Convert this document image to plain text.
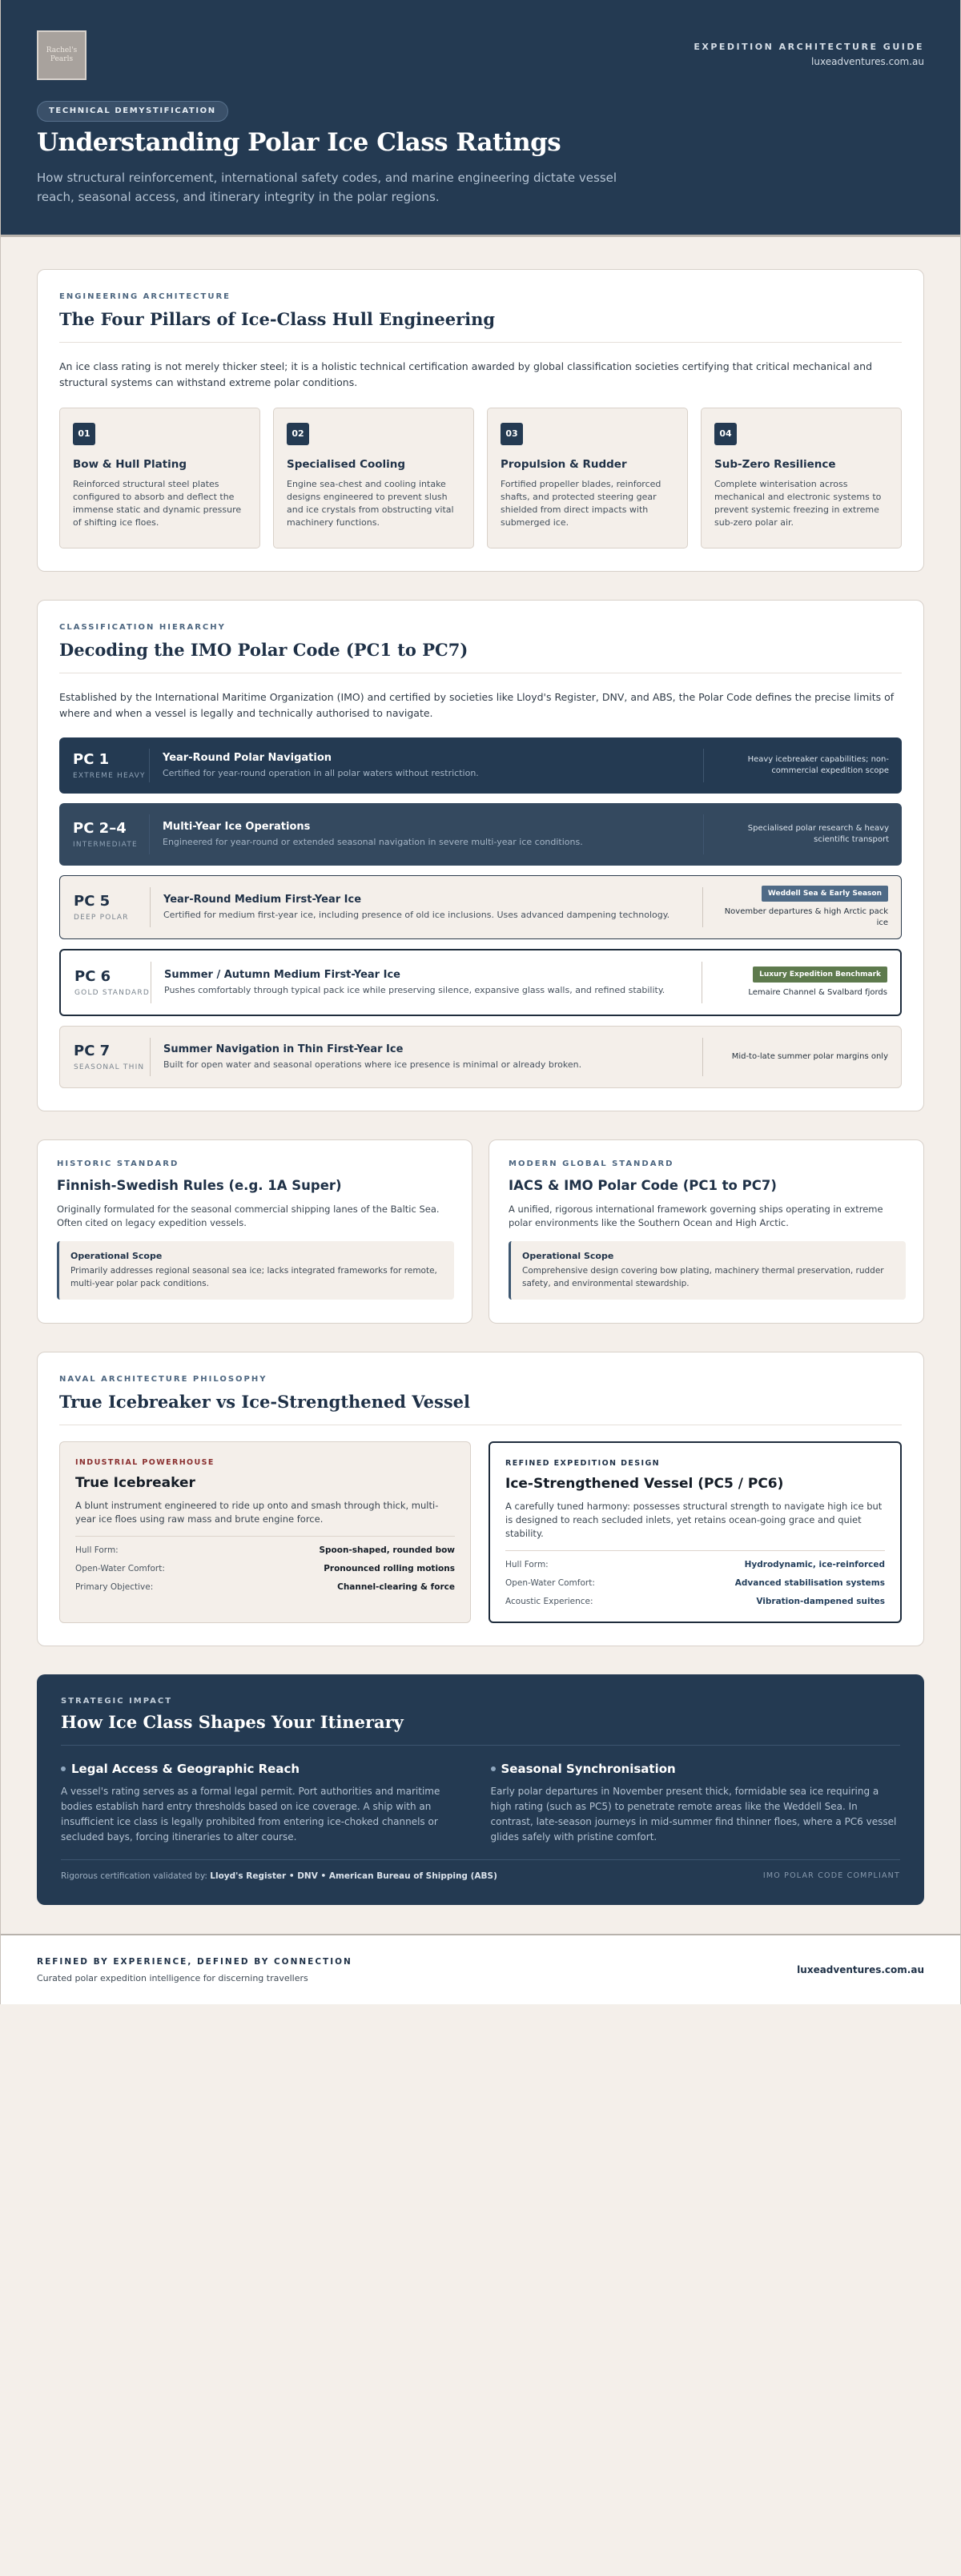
Rachel's Pearls
EXPEDITION ARCHITECTURE GUIDE
luxeadventures.com.au
TECHNICAL DEMYSTIFICATION
Understanding Polar Ice Class Ratings

How structural reinforcement, international safety codes, and marine engineering dictate vessel reach, seasonal access, and itinerary integrity in the polar regions.

ENGINEERING ARCHITECTURE
The Four Pillars of Ice-Class Hull Engineering

An ice class rating is not merely thicker steel; it is a holistic technical certification awarded by global classification societies certifying that critical mechanical and structural systems can withstand extreme polar conditions.

01
Bow & Hull Plating

Reinforced structural steel plates configured to absorb and deflect the immense static and dynamic pressure of shifting ice floes.

02
Specialised Cooling

Engine sea-chest and cooling intake designs engineered to prevent slush and ice crystals from obstructing vital machinery functions.

03
Propulsion & Rudder

Fortified propeller blades, reinforced shafts, and protected steering gear shielded from direct impacts with submerged ice.

04
Sub-Zero Resilience

Complete winterisation across mechanical and electronic systems to prevent systemic freezing in extreme sub-zero polar air.

CLASSIFICATION HIERARCHY
Decoding the IMO Polar Code (PC1 to PC7)

Established by the International Maritime Organization (IMO) and certified by societies like Lloyd's Register, DNV, and ABS, the Polar Code defines the precise limits of where and when a vessel is legally and technically authorised to navigate.

PC 1
EXTREME HEAVY
Year-Round Polar Navigation

Certified for year-round operation in all polar waters without restriction.

Heavy icebreaker capabilities; non-commercial expedition scope
PC 2–4
INTERMEDIATE
Multi-Year Ice Operations

Engineered for year-round or extended seasonal navigation in severe multi-year ice conditions.

Specialised polar research & heavy scientific transport
PC 5
DEEP POLAR
Year-Round Medium First-Year Ice

Certified for medium first-year ice, including presence of old ice inclusions. Uses advanced dampening technology.

Weddell Sea & Early Season
November departures & high Arctic pack ice
PC 6
GOLD STANDARD
Summer / Autumn Medium First-Year Ice

Pushes comfortably through typical pack ice while preserving silence, expansive glass walls, and refined stability.

Luxury Expedition Benchmark
Lemaire Channel & Svalbard fjords
PC 7
SEASONAL THIN
Summer Navigation in Thin First-Year Ice

Built for open water and seasonal operations where ice presence is minimal or already broken.

Mid-to-late summer polar margins only
HISTORIC STANDARD
Finnish-Swedish Rules (e.g. 1A Super)

Originally formulated for the seasonal commercial shipping lanes of the Baltic Sea. Often cited on legacy expedition vessels.

Operational Scope

Primarily addresses regional seasonal sea ice; lacks integrated frameworks for remote, multi-year polar pack conditions.

MODERN GLOBAL STANDARD
IACS & IMO Polar Code (PC1 to PC7)

A unified, rigorous international framework governing ships operating in extreme polar environments like the Southern Ocean and High Arctic.

Operational Scope

Comprehensive design covering bow plating, machinery thermal preservation, rudder safety, and environmental stewardship.

NAVAL ARCHITECTURE PHILOSOPHY
True Icebreaker vs Ice-Strengthened Vessel
INDUSTRIAL POWERHOUSE
True Icebreaker

A blunt instrument engineered to ride up onto and smash through thick, multi-year ice floes using raw mass and brute engine force.

Hull Form:	Spoon-shaped, rounded bow
Open-Water Comfort:	Pronounced rolling motions
Primary Objective:	Channel-clearing & force
REFINED EXPEDITION DESIGN
Ice-Strengthened Vessel (PC5 / PC6)

A carefully tuned harmony: possesses structural strength to navigate high ice but is designed to reach secluded inlets, yet retains ocean-going grace and quiet stability.

Hull Form:	Hydrodynamic, ice-reinforced
Open-Water Comfort:	Advanced stabilisation systems
Acoustic Experience:	Vibration-dampened suites
STRATEGIC IMPACT
How Ice Class Shapes Your Itinerary
Legal Access & Geographic Reach

A vessel's rating serves as a formal legal permit. Port authorities and maritime bodies establish hard entry thresholds based on ice coverage. A ship with an insufficient ice class is legally prohibited from entering ice-choked channels or secluded bays, forcing itineraries to alter course.

Seasonal Synchronisation

Early polar departures in November present thick, formidable sea ice requiring a high rating (such as PC5) to penetrate remote areas like the Weddell Sea. In contrast, late-season journeys in mid-summer find thinner floes, where a PC6 vessel glides safely with pristine comfort.

Rigorous certification validated by: Lloyd's Register • DNV • American Bureau of Shipping (ABS)	IMO POLAR CODE COMPLIANT
REFINED BY EXPERIENCE, DEFINED BY CONNECTION
Curated polar expedition intelligence for discerning travellers
luxeadventures.com.au
